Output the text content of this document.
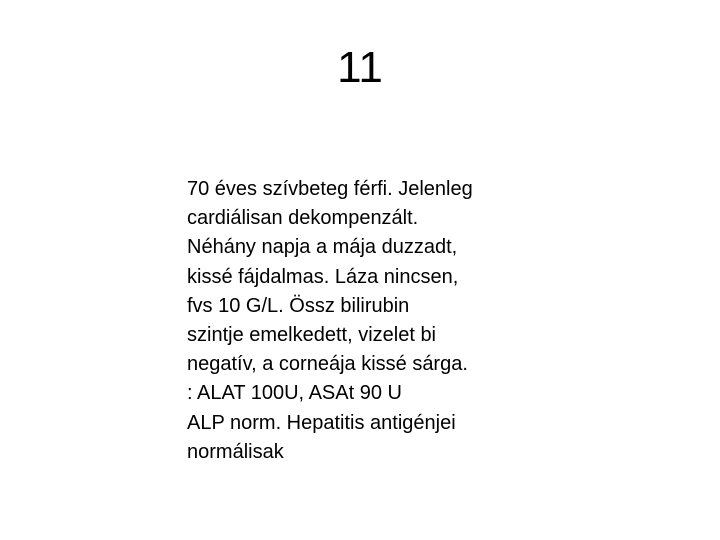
11
70 éves szívbeteg férfi. Jelenleg
cardiálisan dekompenzált.
Néhány napja a mája duzzadt,
kissé fájdalmas. Láza nincsen,
fvs 10 G/L. Össz bilirubin
szintje emelkedett, vizelet bi
negatív, a corneája kissé sárga.
: ALAT 100U, ASAt 90 U
ALP norm. Hepatitis antigénjei
normálisak
